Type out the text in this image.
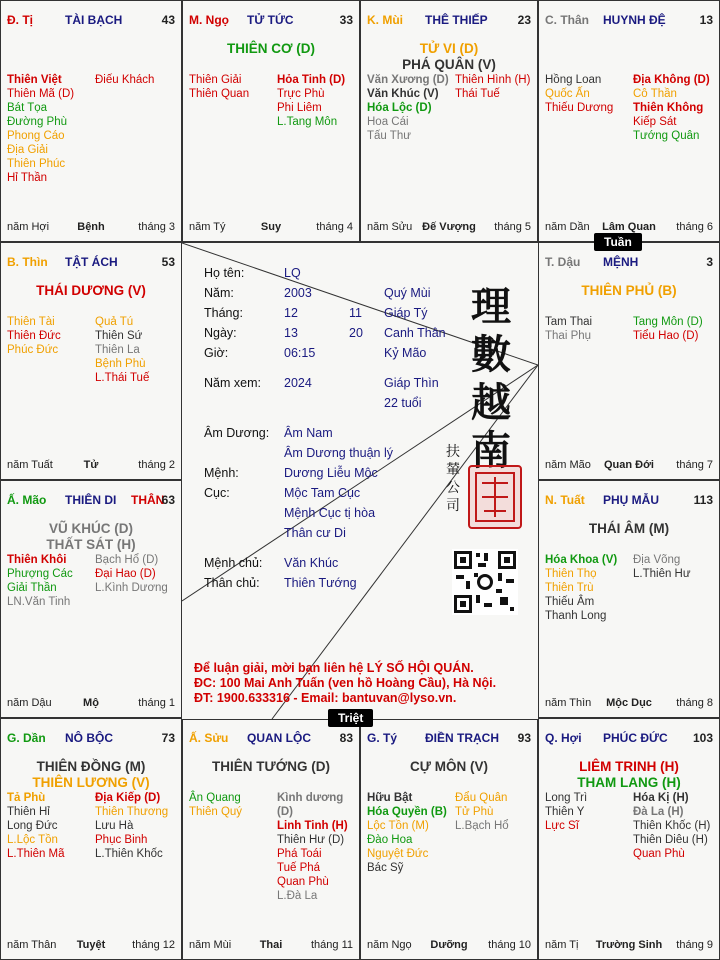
Đ. Tị	TÀI BẠCH	43
Thiên Việt
Thiên Mã (D)
Bát Tọa
Đường Phù
Phong Cáo
Địa Giải
Thiên Phúc
Hỉ Thần
Điếu Khách
năm Hợi	Bệnh	tháng 3
M. Ngọ TỬ TỨC	33
THIÊN CƠ (D)
Thiên Giải
Thiên Quan
Hỏa Tinh (D)
Trực Phù
Phi Liêm
L.Tang Môn
năm Tý	Suy	tháng 4
K. Mùi THÊ THIẾP 23
TỬ VI (D)
PHÁ QUÂN (V)
Văn Xương (D)
Văn Khúc (V)
Hóa Lộc (D)
Hoa Cái
Tấu Thư
Thiên Hình (H)
Thái Tuế
năm Sửu Đế Vượng	tháng 5
C. Thân HUYNH ĐỆ	13
Hồng Loan
Quốc Ấn
Thiếu Dương
Địa Không (D)
Cô Thần
Thiên Không
Kiếp Sát
Tướng Quân
năm Dần	Lâm Quan	tháng 6
B. Thìn TẬT ÁCH	53
THÁI DƯƠNG (V)
Thiên Tài
Thiên Đức
Phúc Đức
Quả Tú
Thiên Sứ
Thiên La
Bệnh Phù
L.Thái Tuế
năm Tuất	Tử	tháng 2
T. Dậu MỆNH	3
THIÊN PHỦ (B)
Tam Thai
Thai Phụ
Tang Môn (D)
Tiểu Hao (D)
năm Mão	Quan Đới	tháng 7
Ấ. Mão THIÊN DI THÂN
63
VŨ KHÚC (D)
THẤT SÁT (H)
Thiên Khôi
Phượng Các
Giải Thần
LN.Văn Tinh
Bạch Hổ (D)
Đại Hao (D)
L.Kình Dương
năm Dậu	Mộ	tháng 1
N. Tuất PHỤ MẪU	113
THÁI ÂM (M)
Hóa Khoa (V)
Thiên Thọ
Thiên Trù
Thiếu Âm
Thanh Long
Địa Võng
L.Thiên Hư
năm Thìn	Mộc Dục	tháng 8
G. Dần NÔ BỘC	73
THIÊN ĐỒNG (M)
THIÊN LƯƠNG (V)
Tả Phù
Thiên Hỉ
Long Đức
L.Lộc Tồn
L.Thiên Mã
Địa Kiếp (D)
Thiên Thương
Lưu Hà
Phục Binh
L.Thiên Khốc
năm Thân	Tuyệt	tháng 12
Ấ. Sửu QUAN LỘC 83
THIÊN TƯỚNG (D)
Ân Quang
Thiên Quý
Kình dương (D)
Linh Tinh (H)
Thiên Hư (D)
Phá Toái
Tuế Phá
Quan Phù
L.Đà La
năm Mùi	Thai	tháng 11
G. Tý ĐIỀN TRẠCH 93
CỰ MÔN (V)
Hữu Bật
Hóa Quyền (B)
Lộc Tồn (M)
Đào Hoa
Nguyệt Đức
Bác Sỹ
Đẩu Quân
Tử Phù
L.Bạch Hổ
năm Ngọ	Dưỡng	tháng 10
Q. Hợi PHÚC ĐỨC 103
LIÊM TRINH (H)
THAM LANG (H)
Long Trì
Thiên Y
Lực Sĩ
Hóa Kị (H)
Đà La (H)
Thiên Khốc (H)
Thiên Diêu (H)
Quan Phù
năm Tị	Trường Sinh	tháng 9
Họ tên:	LQ
Năm:	2003	Quý Mùi
Tháng:	12	11 Giáp Tý
Ngày:	13	20 Canh Thân
Giờ:	06:15	Kỷ Mão
Năm xem: 2024	Giáp Thìn
22 tuổi
Âm Dương: Âm Nam
Âm Dương thuận lý
Mệnh:	Dương Liễu Mộc
Cục:	Mộc Tam Cục
Mệnh Cục tị hòa
Thân cư Di
Mệnh chủ: Văn Khúc
Thân chủ: Thiên Tướng
理
數
越
南
扶
輦
公
司
Để luận giải, mời bạn liên hệ LÝ SỐ HỘI QUÁN.
ĐC: 100 Mai Anh Tuấn (ven hồ Hoàng Cầu), Hà Nội.
ĐT: 1900.633316 - Email: bantuvan@lyso.vn.
Tuần
Triệt
